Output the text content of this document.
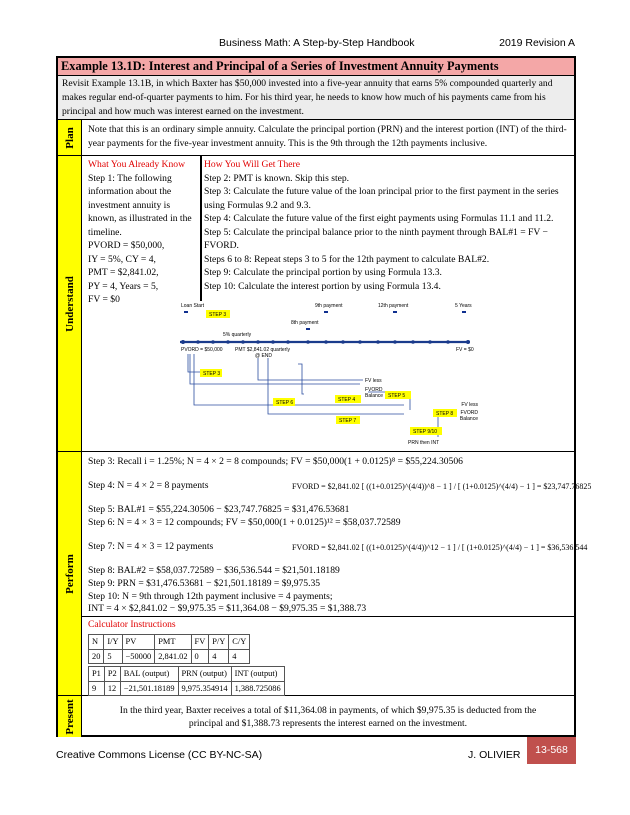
Business Math: A Step-by-Step Handbook	2019 Revision A
Example 13.1D: Interest and Principal of a Series of Investment Annuity Payments
Revisit Example 13.1B, in which Baxter has $50,000 invested into a five-year annuity that earns 5% compounded quarterly and makes regular end-of-quarter payments to him. For his third year, he needs to know how much of his payments came from his principal and how much was interest earned on the investment.
Plan	Note that this is an ordinary simple annuity. Calculate the principal portion (PRN) and the interest portion (INT) of the third-year payments for the five-year investment annuity. This is the 9th through the 12th payments inclusive.
Understand
What You Already Know
Step 1: The following information about the investment annuity is known, as illustrated in the timeline.
PVORD = $50,000,
IY = 5%, CY = 4,
PMT = $2,841.02,
PY = 4, Years = 5,
FV = $0
How You Will Get There
Step 2: PMT is known. Skip this step.
Step 3: Calculate the future value of the loan principal prior to the first payment in the series using Formulas 9.2 and 9.3.
Step 4: Calculate the future value of the first eight payments using Formulas 11.1 and 11.2.
Step 5: Calculate the principal balance prior to the ninth payment through BAL#1 = FV − FVORD.
Steps 6 to 8: Repeat steps 3 to 5 for the 12th payment to calculate BAL#2.
Step 9: Calculate the principal portion by using Formula 13.3.
Step 10: Calculate the interest portion by using Formula 13.4.
Loan Start	9th payment	12th payment	5 Years
STEP 3
8th payment
5% quarterly
PVORD = $50,000 PMT $2,841.02 quarterly
@ END
FV = $0
STEP 3
FV less
FVORD
Balance STEP 5
STEP 4
STEP 6	FV less
FVORD
Balance
STEP 8
STEP 7
STEP 9/10
PRN then INT
Perform
Step 3: Recall i = 1.25%; N = 4 × 2 = 8 compounds; FV = $50,000(1 + 0.0125)⁸ = $55,224.30506
Step 4: N = 4 × 2 = 8 payments	FVORD = $2,841.02 [ ((1+0.0125)^(4/4))^8 − 1 ] / [ (1+0.0125)^(4/4) − 1 ] = $23,747.76825
Step 5: BAL#1 = $55,224.30506 − $23,747.76825 = $31,476.53681
Step 6: N = 4 × 3 = 12 compounds; FV = $50,000(1 + 0.0125)¹² = $58,037.72589
Step 7: N = 4 × 3 = 12 payments	FVORD = $2,841.02 [ ((1+0.0125)^(4/4))^12 − 1 ] / [ (1+0.0125)^(4/4) − 1 ] = $36,536.544
Step 8: BAL#2 = $58,037.72589 − $36,536.544 = $21,501.18189
Step 9: PRN = $31,476.53681 − $21,501.18189 = $9,975.35
Step 10: N = 9th through 12th payment inclusive = 4 payments;
INT = 4 × $2,841.02 − $9,975.35 = $11,364.08 − $9,975.35 = $1,388.73
Calculator Instructions
N	I/Y	PV	PMT	FV	P/Y	C/Y
20	5	−50000	2,841.02	0	4	4
P1	P2	BAL (output)	PRN (output)	INT (output)
9	12	−21,501.18189	9,975.354914	1,388.725086
Present	In the third year, Baxter receives a total of $11,364.08 in payments, of which $9,975.35 is deducted from the principal and $1,388.73 represents the interest earned on the investment.
Creative Commons License (CC BY-NC-SA)	J. OLIVIER	13-568
